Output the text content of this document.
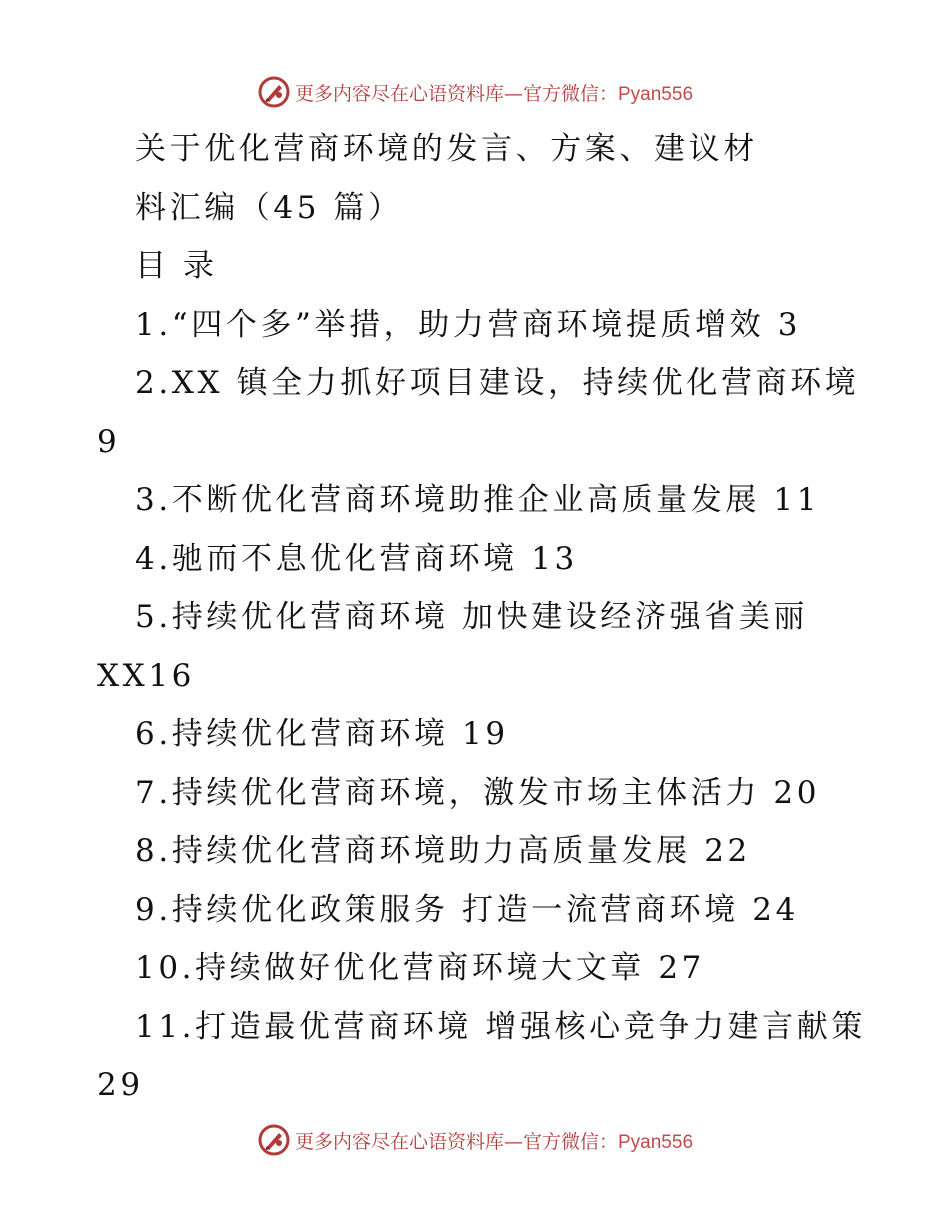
更多内容尽在心语资料库—官方微信：Pyan556
关于优化营商环境的发言、方案、建议材
料汇编（45 篇）
目 录
1.“四个多”举措，助力营商环境提质增效 3
2.XX 镇全力抓好项目建设，持续优化营商环境
9
3.不断优化营商环境助推企业高质量发展 11
4.驰而不息优化营商环境 13
5.持续优化营商环境 加快建设经济强省美丽
XX16
6.持续优化营商环境 19
7.持续优化营商环境，激发市场主体活力 20
8.持续优化营商环境助力高质量发展 22
9.持续优化政策服务 打造一流营商环境 24
10.持续做好优化营商环境大文章 27
11.打造最优营商环境 增强核心竞争力建言献策
29
更多内容尽在心语资料库—官方微信：Pyan556
